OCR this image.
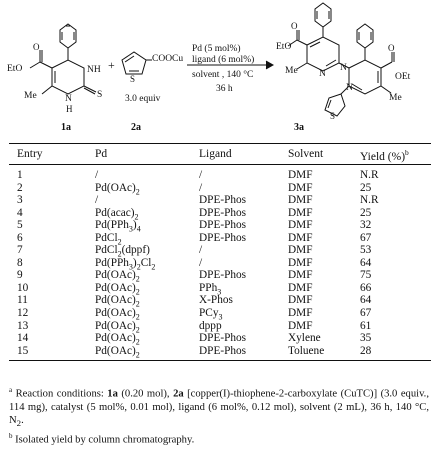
EtO
O
NH
N
H
S
Me
1a
+
S
COOCu
3.0 equiv
2a
Pd (5 mol%)
ligand (6 mol%)
solvent , 140 °C
36 h
EtO
O
Me N
N
N
O
OEt
Me
S
3a
Entry	Pd	Ligand	Solvent	Yield (%)$^b$
1	/	/	DMF	N.R
2	$Pd(OAc)_2$	/	DMF	25
3	/	DPE-Phos	DMF	N.R
4	$Pd(acac)_2$	DPE-Phos	DMF	25
5	$Pd(PPh_3)_4$	DPE-Phos	DMF	32
6	PdCl$_2$	DPE-Phos	DMF	67
7	PdCl$_2$(dppf)	/	DMF	53
8	$Pd(PPh_3)_2Cl_2$	/	DMF	64
9	$Pd(OAc)_2$	DPE-Phos	DMF	75
10	$Pd(OAc)_2$	PPh$_3$	DMF	66
11	$Pd(OAc)_2$	X-Phos	DMF	64
12	$Pd(OAc)_2$	PCy$_3$	DMF	67
13	$Pd(OAc)_2$	dppp	DMF	61
14	$Pd(OAc)_2$	DPE-Phos	Xylene	35
15	$Pd(OAc)_2$	DPE-Phos	Toluene	28

$^a$ Reaction conditions: 1a (0.20 mol), 2a [copper(I)-thiophene-2-carboxylate (CuTC)] (3.0 equiv., 114 mg), catalyst (5 mol%, 0.01 mol), ligand (6 mol%, 0.12 mol), solvent (2 mL), 36 h, 140 °C, $N_2$.

$^b$ Isolated yield by column chromatography.
